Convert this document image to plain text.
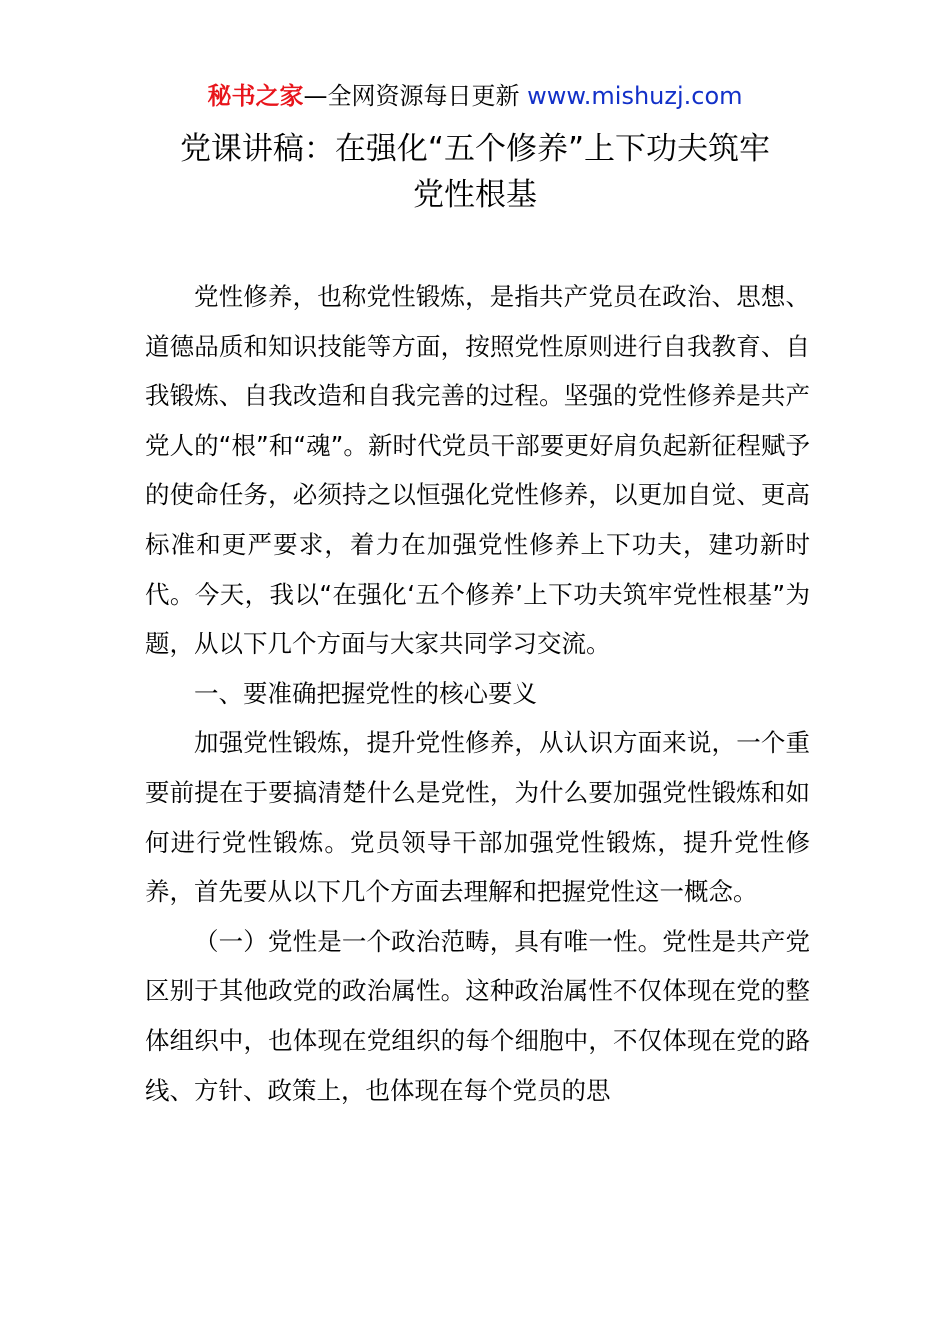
秘书之家—全网资源每日更新 www.mishuzj.com
党课讲稿：在强化“五个修养”上下功夫筑牢
党性根基

党性修养，也称党性锻炼，是指共产党员在政治、思想、道德品质和知识技能等方面，按照党性原则进行自我教育、自我锻炼、自我改造和自我完善的过程。坚强的党性修养是共产党人的“根”和“魂”。新时代党员干部要更好肩负起新征程赋予的使命任务，必须持之以恒强化党性修养，以更加自觉、更高标准和更严要求，着力在加强党性修养上下功夫，建功新时代。今天，我以“在强化‘五个修养’上下功夫筑牢党性根基”为题，从以下几个方面与大家共同学习交流。

一、要准确把握党性的核心要义

加强党性锻炼，提升党性修养，从认识方面来说，一个重要前提在于要搞清楚什么是党性，为什么要加强党性锻炼和如何进行党性锻炼。党员领导干部加强党性锻炼，提升党性修养，首先要从以下几个方面去理解和把握党性这一概念。

（一）党性是一个政治范畴，具有唯一性。党性是共产党区别于其他政党的政治属性。这种政治属性不仅体现在党的整体组织中，也体现在党组织的每个细胞中，不仅体现在党的路线、方针、政策上，也体现在每个党员的思
